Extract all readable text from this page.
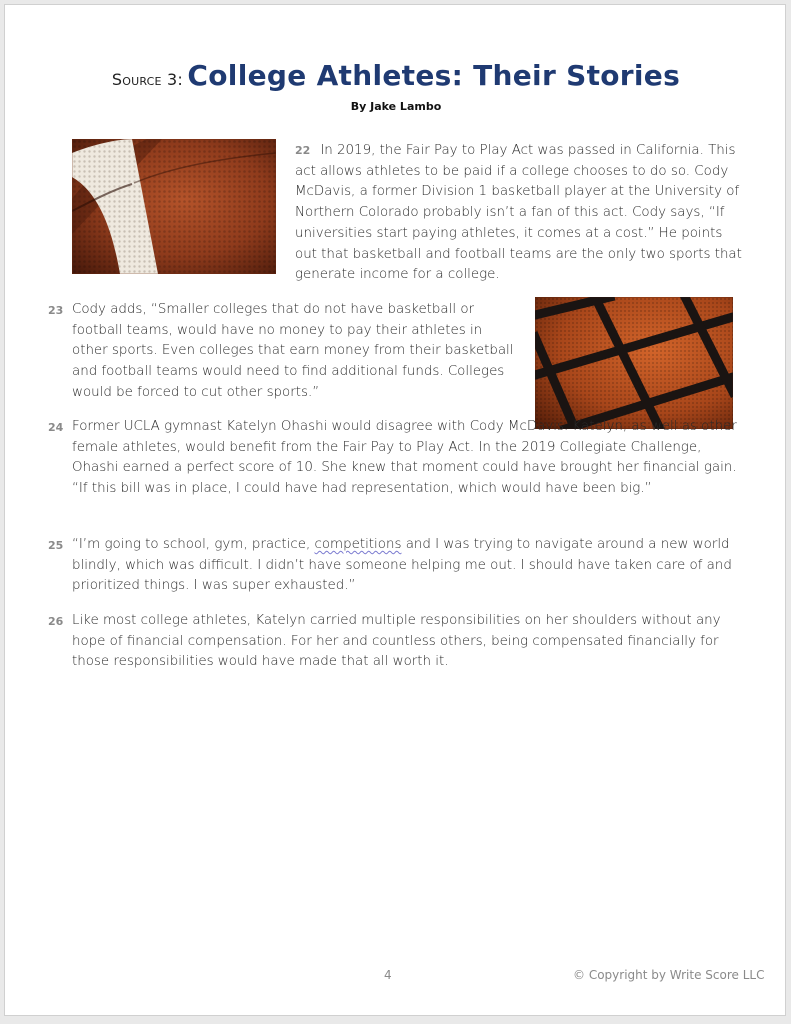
Source 3: College Athletes: Their Stories
By Jake Lambo
22 In 2019, the Fair Pay to Play Act was passed in California. This act allows athletes to be paid if a college chooses to do so. Cody McDavis, a former Division 1 basketball player at the University of Northern Colorado probably isn’t a fan of this act. Cody says, “If universities start paying athletes, it comes at a cost.” He points out that basketball and football teams are the only two sports that generate income for a college.
23 Cody adds, “Smaller colleges that do not have basketball or football teams, would have no money to pay their athletes in other sports. Even colleges that earn money from their basketball and football teams would need to find additional funds. Colleges would be forced to cut other sports.”
24 Former UCLA gymnast Katelyn Ohashi would disagree with Cody McDavis. Katelyn, as well as other female athletes, would benefit from the Fair Pay to Play Act. In the 2019 Collegiate Challenge, Ohashi earned a perfect score of 10. She knew that moment could have brought her financial gain. “If this bill was in place, I could have had representation, which would have been big.”
25 “I’m going to school, gym, practice, competitions and I was trying to navigate around a new world blindly, which was difficult. I didn’t have someone helping me out. I should have taken care of and prioritized things. I was super exhausted.”
26 Like most college athletes, Katelyn carried multiple responsibilities on her shoulders without any hope of financial compensation. For her and countless others, being compensated financially for those responsibilities would have made that all worth it.
4	© Copyright by Write Score LLC
